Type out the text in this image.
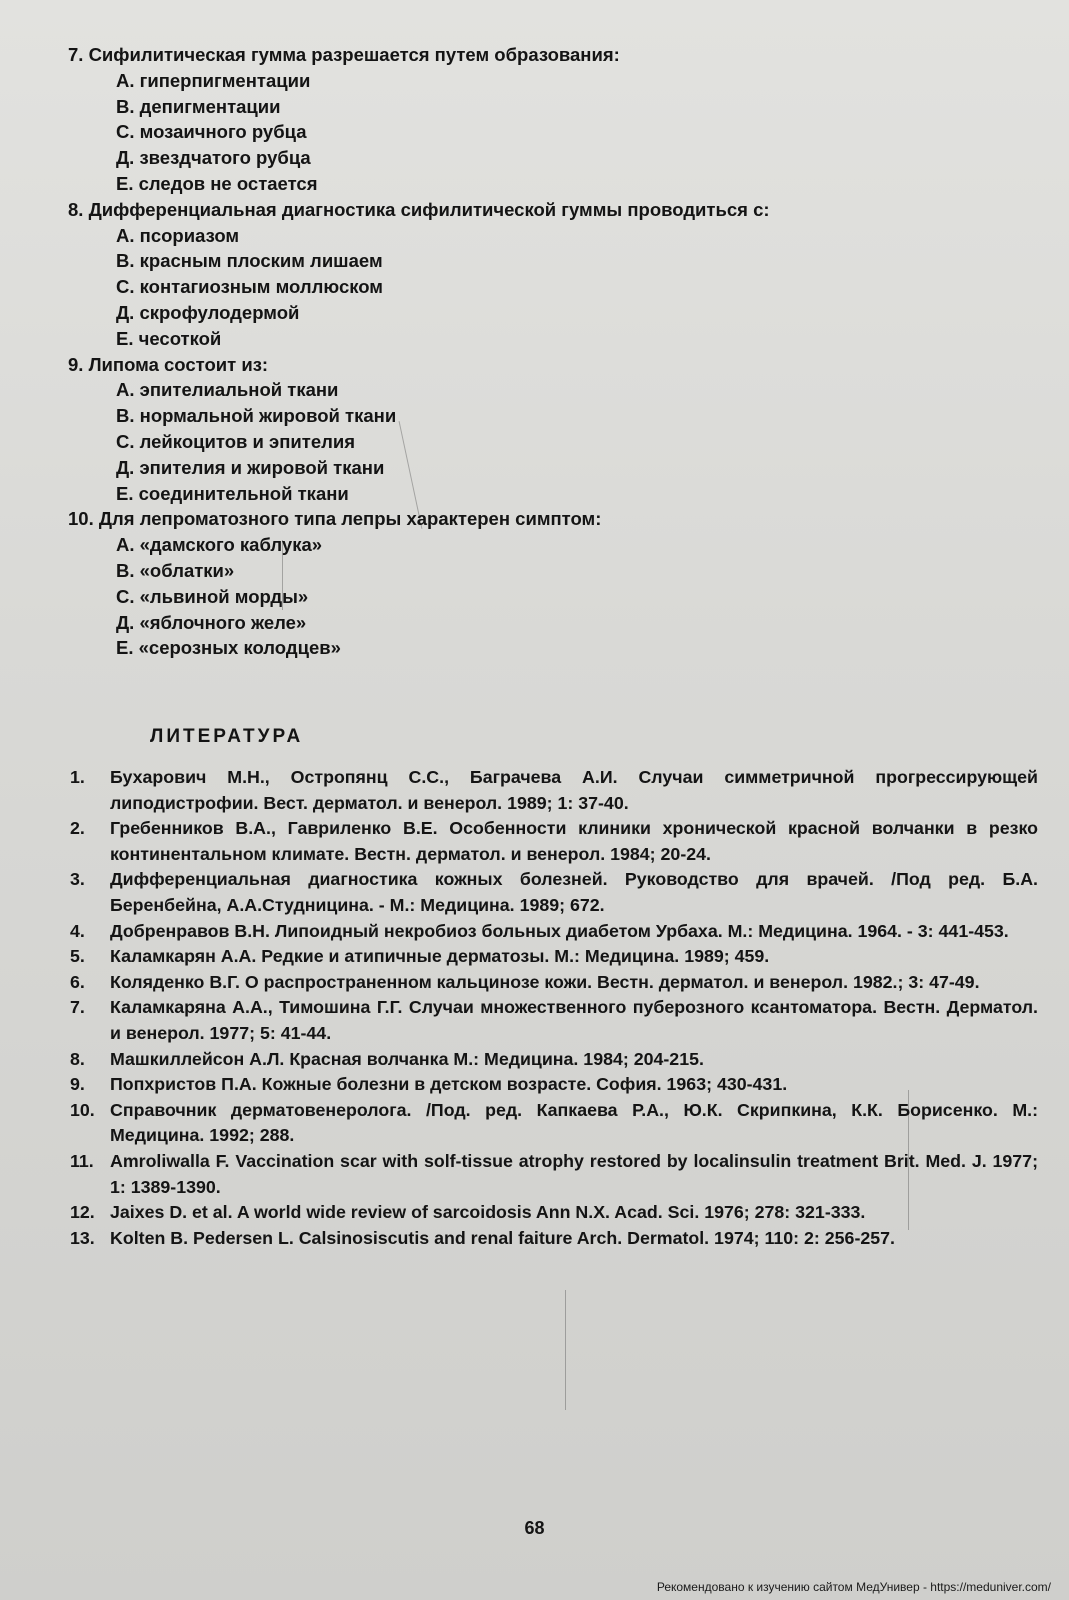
7. Сифилитическая гумма разрешается путем образования:
А. гиперпигментации
В. депигментации
С. мозаичного рубца
Д. звездчатого рубца
Е. следов не остается
8. Дифференциальная диагностика сифилитической гуммы проводиться с:
А. псориазом
В. красным плоским лишаем
С. контагиозным моллюском
Д. скрофулодермой
Е. чесоткой
9. Липома состоит из:
А. эпителиальной ткани
В. нормальной жировой ткани
С. лейкоцитов и эпителия
Д. эпителия и жировой ткани
Е. соединительной ткани
10. Для лепроматозного типа лепры характерен симптом:
А. «дамского каблука»
В. «облатки»
С. «львиной морды»
Д. «яблочного желе»
Е. «серозных колодцев»
ЛИТЕРАТУРА
1.	Бухарович М.Н., Остропянц С.С., Баграчева А.И. Случаи симметричной прогрессирующей липодистрофии. Вест. дерматол. и венерол. 1989; 1: 37-40.
2.	Гребенников В.А., Гавриленко В.Е. Особенности клиники хронической красной волчанки в резко континентальном климате. Вестн. дерматол. и венерол. 1984; 20-24.
3.	Дифференциальная диагностика кожных болезней. Руководство для врачей. /Под ред. Б.А. Беренбейна, А.А.Студницина. - М.: Медицина. 1989; 672.
4.	Добренравов В.Н. Липоидный некробиоз больных диабетом Урбаха. М.: Медицина. 1964. - 3: 441-453.
5.	Каламкарян А.А. Редкие и атипичные дерматозы. М.: Медицина. 1989; 459.
6.	Коляденко В.Г. О распространенном кальцинозе кожи. Вестн. дерматол. и венерол. 1982.; 3: 47-49.
7.	Каламкаряна А.А., Тимошина Г.Г. Случаи множественного пуберозного ксантоматора. Вестн. Дерматол. и венерол. 1977; 5: 41-44.
8.	Машкиллейсон А.Л. Красная волчанка М.: Медицина. 1984; 204-215.
9.	Попхристов П.А. Кожные болезни в детском возрасте. София. 1963; 430-431.
10. Справочник дерматовенеролога. /Под. ред. Капкаева Р.А., Ю.К. Скрипкина, К.К. Борисенко. М.: Медицина. 1992; 288.
11. Amroliwalla F. Vaccination scar with solf-tissue atrophy restored by localinsulin treatment Brit. Med. J. 1977; 1: 1389-1390.
12. Jaixes D. et al. A world wide review of sarcoidosis Ann N.X. Acad. Sci. 1976; 278: 321-333.
13. Kolten B. Pedersen L. Calsinosiscutis and renal faiture Arch. Dermatol. 1974; 110: 2: 256-257.
68
Рекомендовано к изучению сайтом МедУнивер - https://meduniver.com/
